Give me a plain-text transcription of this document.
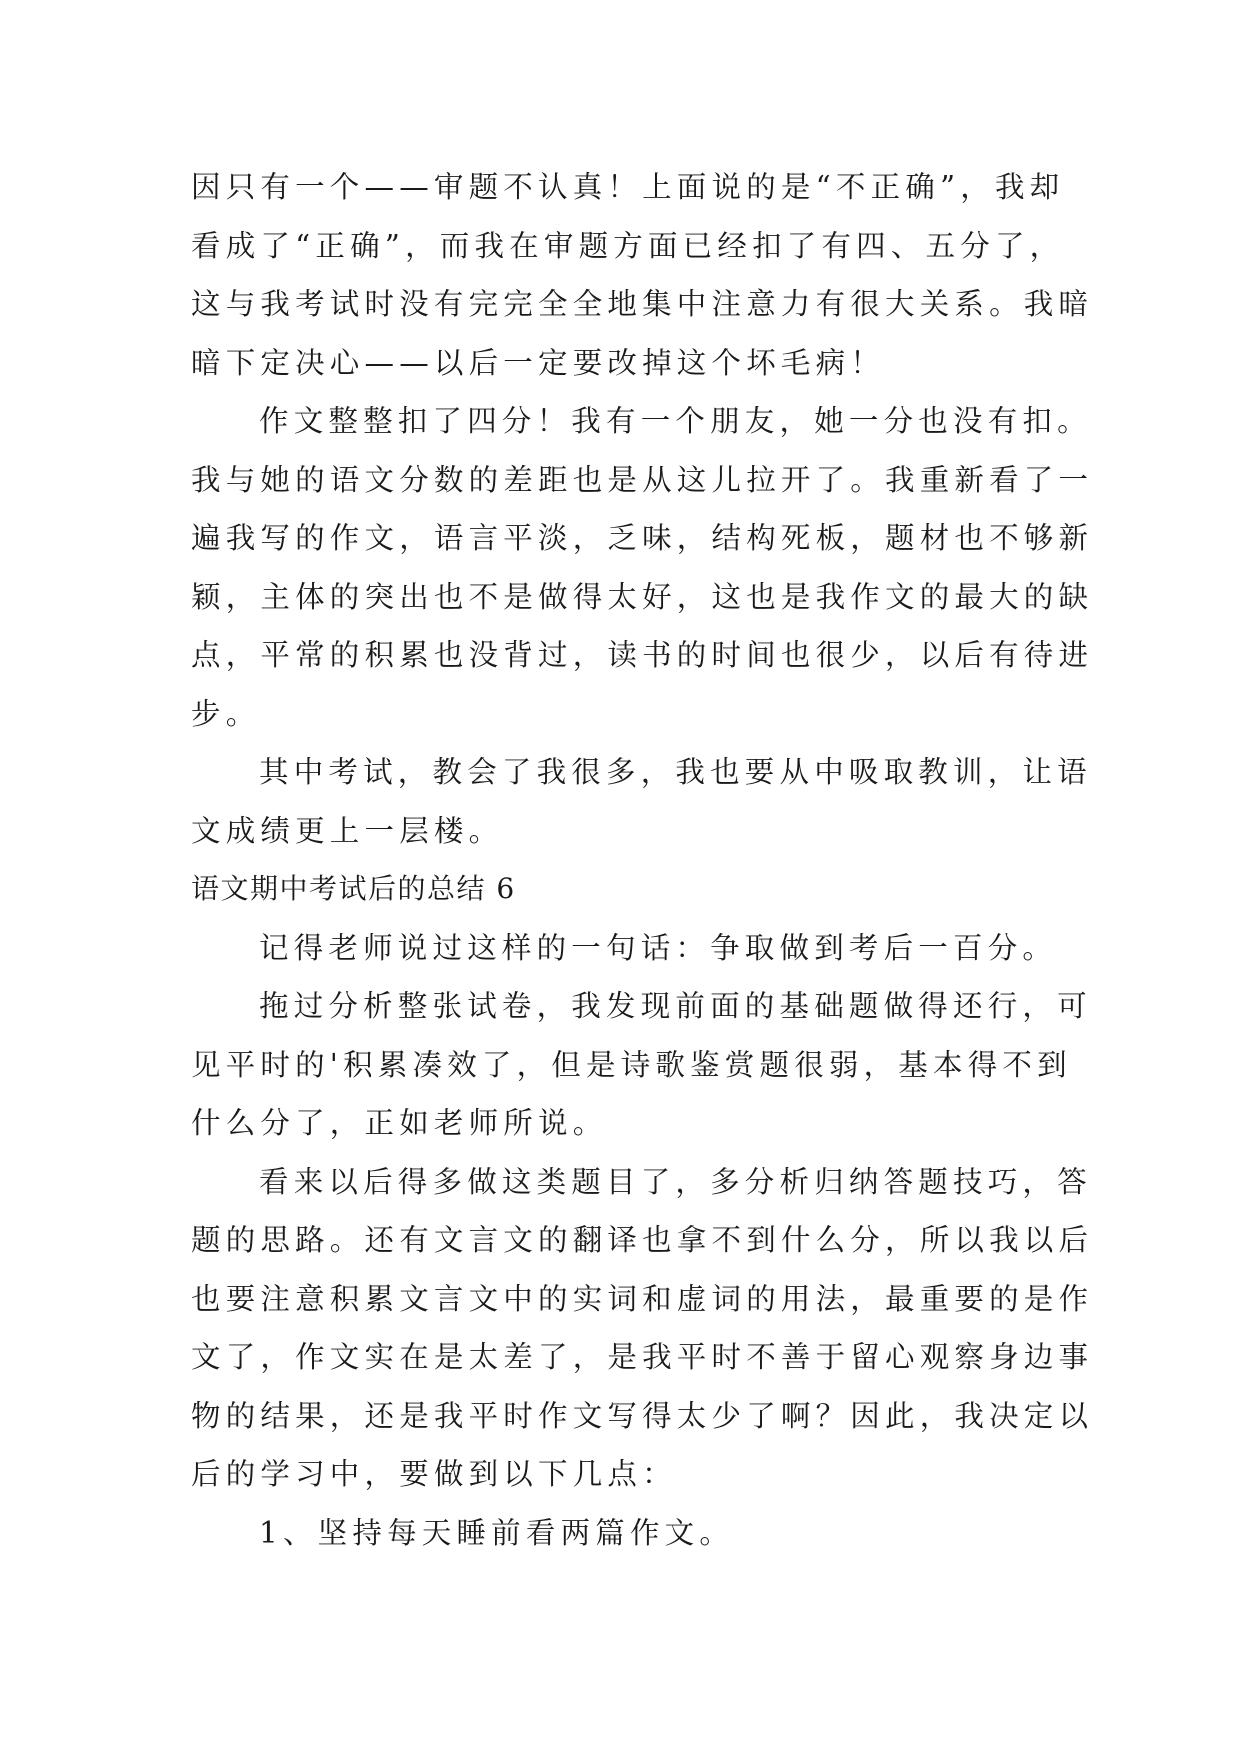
因只有一个——审题不认真！上面说的是“不正确”，我却
看成了“正确”，而我在审题方面已经扣了有四、五分了，
这与我考试时没有完完全全地集中注意力有很大关系。我暗
暗下定决心——以后一定要改掉这个坏毛病！
作文整整扣了四分！我有一个朋友，她一分也没有扣。
我与她的语文分数的差距也是从这儿拉开了。我重新看了一
遍我写的作文，语言平淡，乏味，结构死板，题材也不够新
颖，主体的突出也不是做得太好，这也是我作文的最大的缺
点，平常的积累也没背过，读书的时间也很少，以后有待进
步。
其中考试，教会了我很多，我也要从中吸取教训，让语
文成绩更上一层楼。
语文期中考试后的总结 6
记得老师说过这样的一句话：争取做到考后一百分。
拖过分析整张试卷，我发现前面的基础题做得还行，可
见平时的'积累凑效了，但是诗歌鉴赏题很弱，基本得不到
什么分了，正如老师所说。
看来以后得多做这类题目了，多分析归纳答题技巧，答
题的思路。还有文言文的翻译也拿不到什么分，所以我以后
也要注意积累文言文中的实词和虚词的用法，最重要的是作
文了，作文实在是太差了，是我平时不善于留心观察身边事
物的结果，还是我平时作文写得太少了啊？因此，我决定以
后的学习中，要做到以下几点：
1、坚持每天睡前看两篇作文。
